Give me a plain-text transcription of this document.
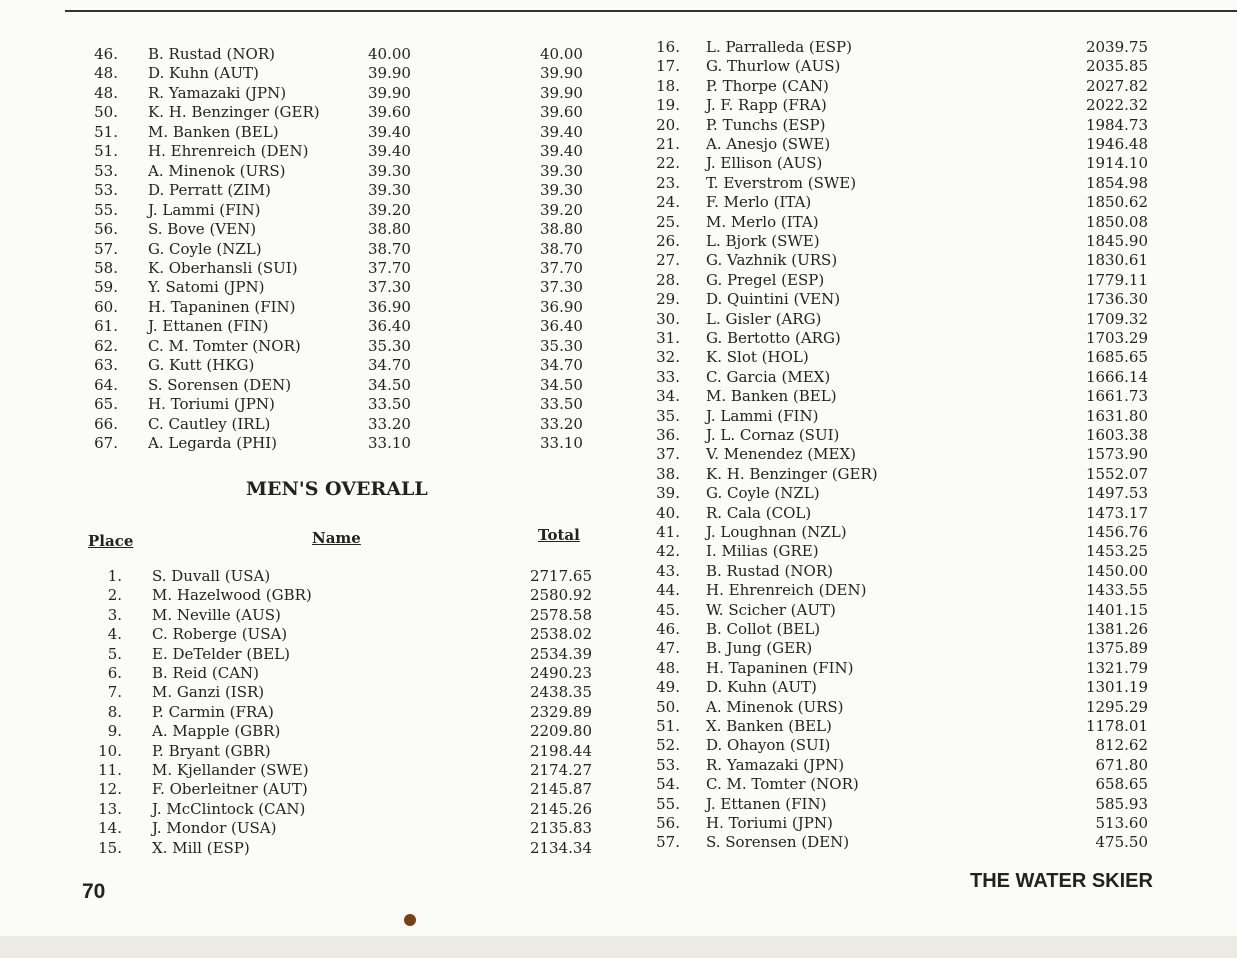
46. B. Rustad (NOR)	40.00	40.00
48. D. Kuhn (AUT)	39.90	39.90
48. R. Yamazaki (JPN)	39.90	39.90
50. K. H. Benzinger (GER)	39.60	39.60
51. M. Banken (BEL)	39.40	39.40
51. H. Ehrenreich (DEN)	39.40	39.40
53. A. Minenok (URS)	39.30	39.30
53. D. Perratt (ZIM)	39.30	39.30
55. J. Lammi (FIN)	39.20	39.20
56. S. Bove (VEN)	38.80	38.80
57. G. Coyle (NZL)	38.70	38.70
58. K. Oberhansli (SUI)	37.70	37.70
59. Y. Satomi (JPN)	37.30	37.30
60. H. Tapaninen (FIN)	36.90	36.90
61. J. Ettanen (FIN)	36.40	36.40
62. C. M. Tomter (NOR)	35.30	35.30
63. G. Kutt (HKG)	34.70	34.70
64. S. Sorensen (DEN)	34.50	34.50
65. H. Toriumi (JPN)	33.50	33.50
66. C. Cautley (IRL)	33.20	33.20
67. A. Legarda (PHI)	33.10	33.10
MEN'S OVERALL
Place	Name	Total
1. S. Duvall (USA)	2717.65
2. M. Hazelwood (GBR)	2580.92
3. M. Neville (AUS)	2578.58
4. C. Roberge (USA)	2538.02
5. E. DeTelder (BEL)	2534.39
6. B. Reid (CAN)	2490.23
7. M. Ganzi (ISR)	2438.35
8. P. Carmin (FRA)	2329.89
9. A. Mapple (GBR)	2209.80
10. P. Bryant (GBR)	2198.44
11. M. Kjellander (SWE)	2174.27
12. F. Oberleitner (AUT)	2145.87
13. J. McClintock (CAN)	2145.26
14. J. Mondor (USA)	2135.83
15. X. Mill (ESP)	2134.34
16. L. Parralleda (ESP)	2039.75
17. G. Thurlow (AUS)	2035.85
18. P. Thorpe (CAN)	2027.82
19. J. F. Rapp (FRA)	2022.32
20. P. Tunchs (ESP)	1984.73
21. A. Anesjo (SWE)	1946.48
22. J. Ellison (AUS)	1914.10
23. T. Everstrom (SWE)	1854.98
24. F. Merlo (ITA)	1850.62
25. M. Merlo (ITA)	1850.08
26. L. Bjork (SWE)	1845.90
27. G. Vazhnik (URS)	1830.61
28. G. Pregel (ESP)	1779.11
29. D. Quintini (VEN)	1736.30
30. L. Gisler (ARG)	1709.32
31. G. Bertotto (ARG)	1703.29
32. K. Slot (HOL)	1685.65
33. C. Garcia (MEX)	1666.14
34. M. Banken (BEL)	1661.73
35. J. Lammi (FIN)	1631.80
36. J. L. Cornaz (SUI)	1603.38
37. V. Menendez (MEX)	1573.90
38. K. H. Benzinger (GER)	1552.07
39. G. Coyle (NZL)	1497.53
40. R. Cala (COL)	1473.17
41. J. Loughnan (NZL)	1456.76
42. I. Milias (GRE)	1453.25
43. B. Rustad (NOR)	1450.00
44. H. Ehrenreich (DEN)	1433.55
45. W. Scicher (AUT)	1401.15
46. B. Collot (BEL)	1381.26
47. B. Jung (GER)	1375.89
48. H. Tapaninen (FIN)	1321.79
49. D. Kuhn (AUT)	1301.19
50. A. Minenok (URS)	1295.29
51. X. Banken (BEL)	1178.01
52. D. Ohayon (SUI)	812.62
53. R. Yamazaki (JPN)	671.80
54. C. M. Tomter (NOR)	658.65
55. J. Ettanen (FIN)	585.93
56. H. Toriumi (JPN)	513.60
57. S. Sorensen (DEN)	475.50
70	THE WATER SKIER
